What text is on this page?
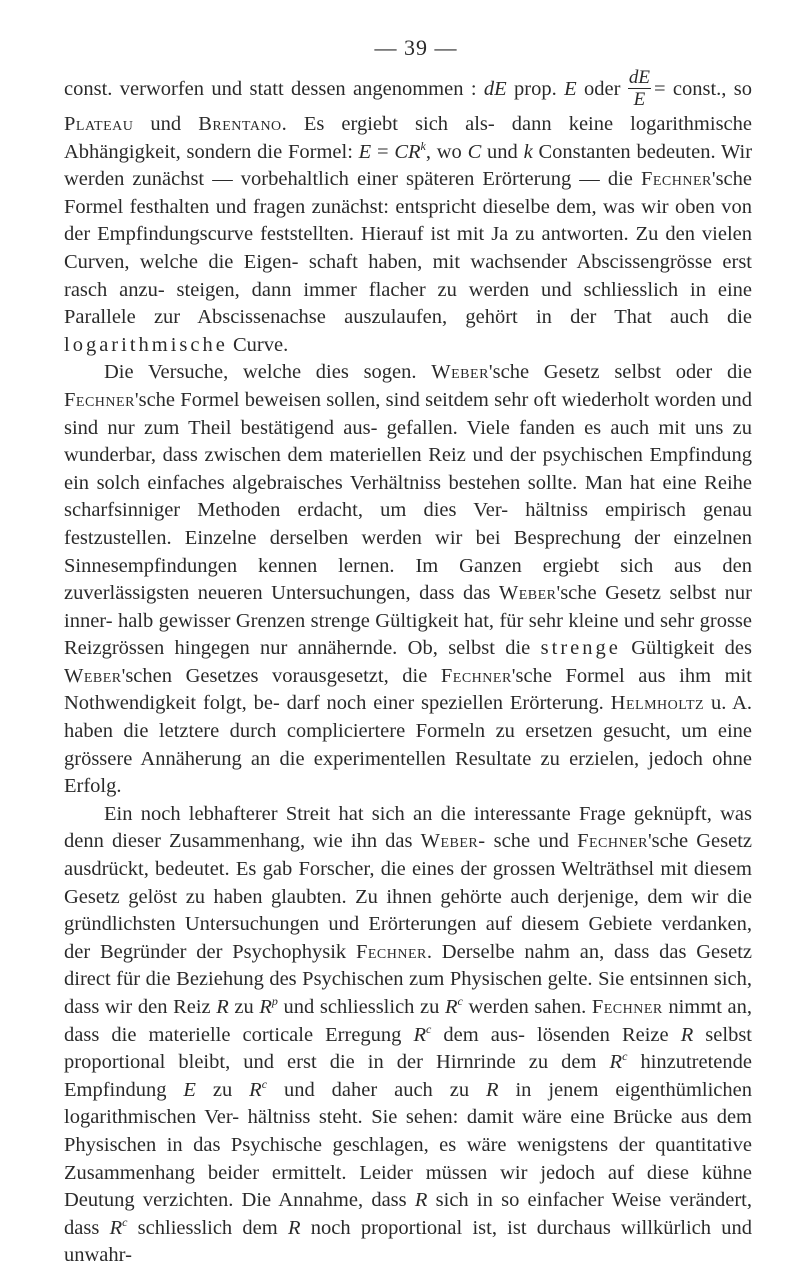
— 39 —

const. verworfen und statt dessen angenommen : dE prop. E oder $\frac{dE}{E}$ = const., so Plateau und Brentano. Es ergiebt sich als- dann keine logarithmische Abhängigkeit, sondern die Formel: $E = CR^k$, wo C und k Constanten bedeuten. Wir werden zunächst — vorbehaltlich einer späteren Erörterung — die Fechner'sche Formel festhalten und fragen zunächst: entspricht dieselbe dem, was wir oben von der Empfindungscurve feststellten. Hierauf ist mit Ja zu antworten. Zu den vielen Curven, welche die Eigen- schaft haben, mit wachsender Abscissengrösse erst rasch anzu- steigen, dann immer flacher zu werden und schliesslich in eine Parallele zur Abscissenachse auszulaufen, gehört in der That auch die logarithmische Curve.

Die Versuche, welche dies sogen. Weber'sche Gesetz selbst oder die Fechner'sche Formel beweisen sollen, sind seitdem sehr oft wiederholt worden und sind nur zum Theil bestätigend aus- gefallen. Viele fanden es auch mit uns zu wunderbar, dass zwischen dem materiellen Reiz und der psychischen Empfindung ein solch einfaches algebraisches Verhältniss bestehen sollte. Man hat eine Reihe scharfsinniger Methoden erdacht, um dies Ver- hältniss empirisch genau festzustellen. Einzelne derselben werden wir bei Besprechung der einzelnen Sinnesempfindungen kennen lernen. Im Ganzen ergiebt sich aus den zuverlässigsten neueren Untersuchungen, dass das Weber'sche Gesetz selbst nur inner- halb gewisser Grenzen strenge Gültigkeit hat, für sehr kleine und sehr grosse Reizgrössen hingegen nur annähernde. Ob, selbst die strenge Gültigkeit des Weber'schen Gesetzes vorausgesetzt, die Fechner'sche Formel aus ihm mit Nothwendigkeit folgt, be- darf noch einer speziellen Erörterung. Helmholtz u. A. haben die letztere durch compliciertere Formeln zu ersetzen gesucht, um eine grössere Annäherung an die experimentellen Resultate zu erzielen, jedoch ohne Erfolg.

Ein noch lebhafterer Streit hat sich an die interessante Frage geknüpft, was denn dieser Zusammenhang, wie ihn das Weber- sche und Fechner'sche Gesetz ausdrückt, bedeutet. Es gab Forscher, die eines der grossen Welträthsel mit diesem Gesetz gelöst zu haben glaubten. Zu ihnen gehörte auch derjenige, dem wir die gründlichsten Untersuchungen und Erörterungen auf diesem Gebiete verdanken, der Begründer der Psychophysik Fechner. Derselbe nahm an, dass das Gesetz direct für die Beziehung des Psychischen zum Physischen gelte. Sie entsinnen sich, dass wir den Reiz R zu $R^p$ und schliesslich zu $R^c$ werden sahen. Fechner nimmt an, dass die materielle corticale Erregung $R^c$ dem aus- lösenden Reize R selbst proportional bleibt, und erst die in der Hirnrinde zu dem $R^c$ hinzutretende Empfindung E zu $R^c$ und daher auch zu R in jenem eigenthümlichen logarithmischen Ver- hältniss steht. Sie sehen: damit wäre eine Brücke aus dem Physischen in das Psychische geschlagen, es wäre wenigstens der quantitative Zusammenhang beider ermittelt. Leider müssen wir jedoch auf diese kühne Deutung verzichten. Die Annahme, dass R sich in so einfacher Weise verändert, dass $R^c$ schliesslich dem R noch proportional ist, ist durchaus willkürlich und unwahr-
